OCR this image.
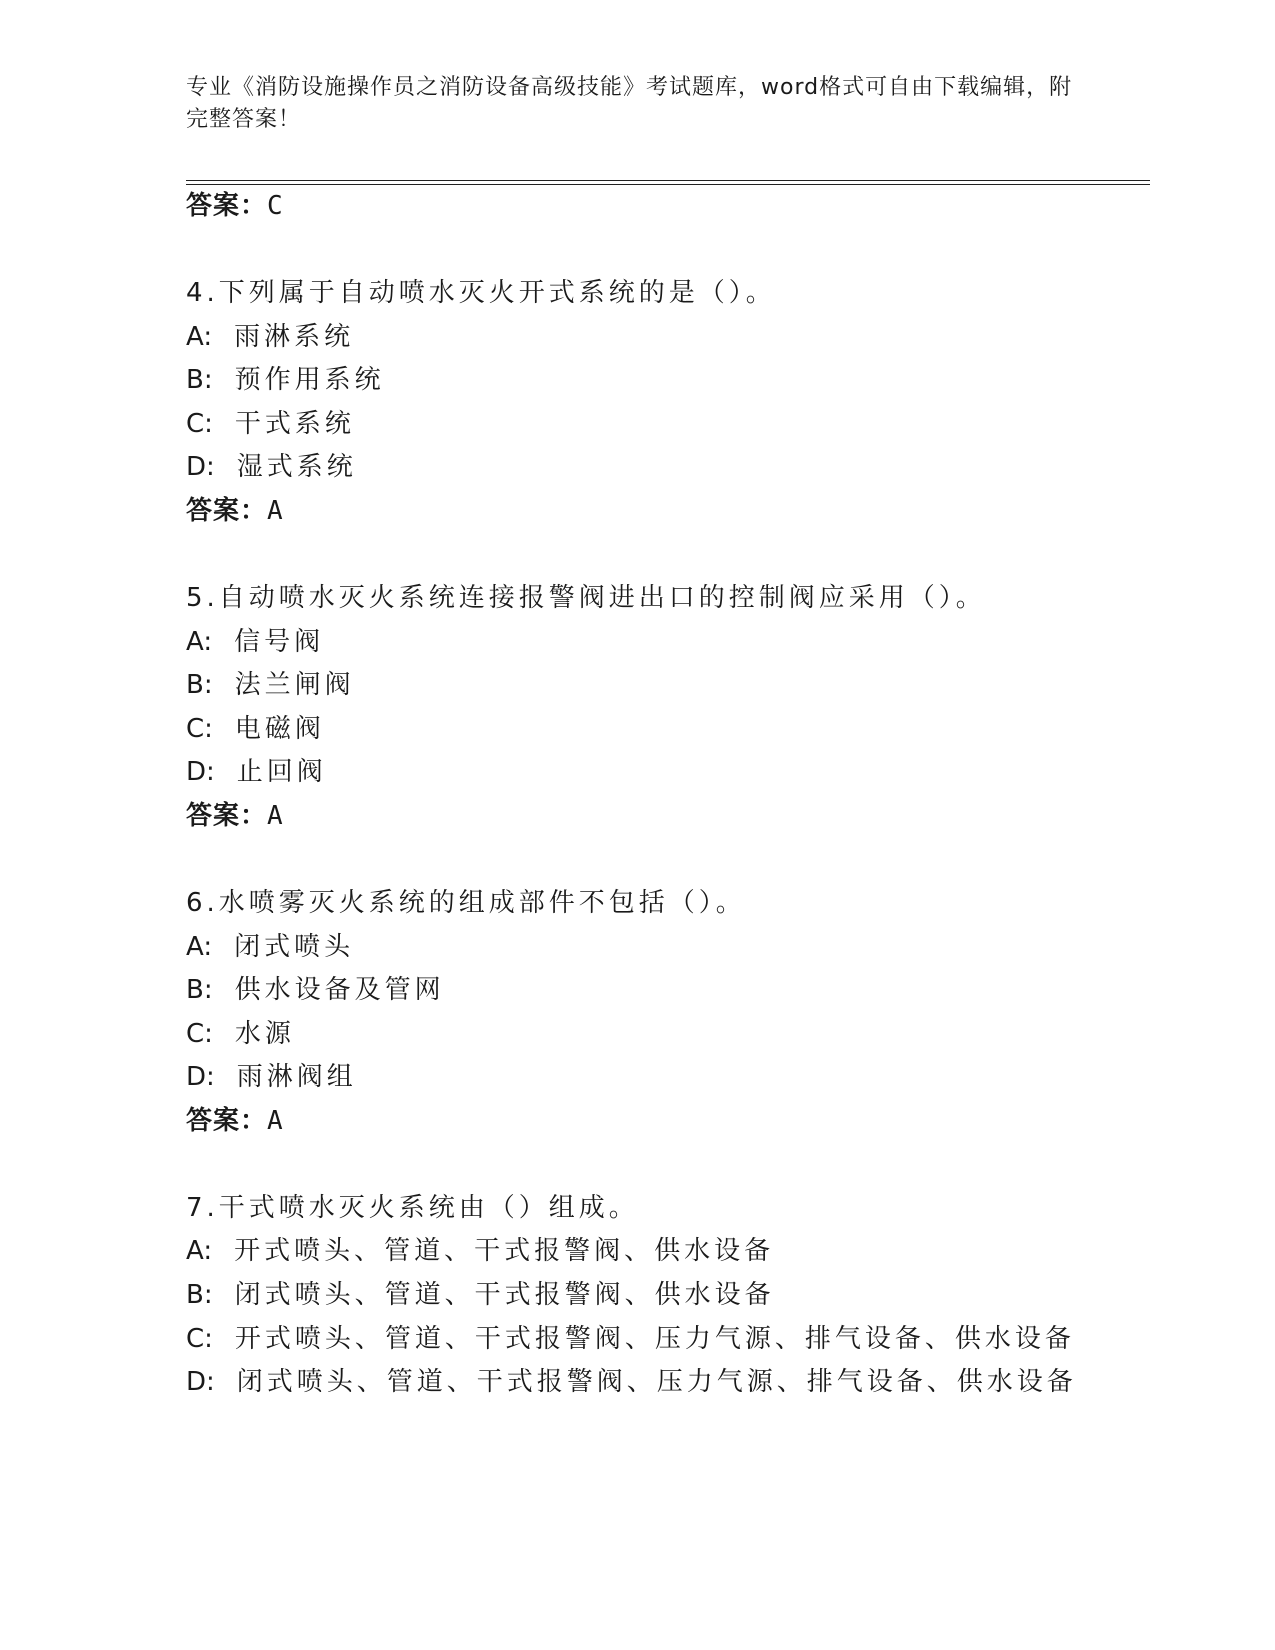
专业《消防设施操作员之消防设备高级技能》考试题库，word格式可自由下载编辑，附完整答案！
答案：C
4.下列属于自动喷水灭火开式系统的是（）。
A: 雨淋系统
B: 预作用系统
C: 干式系统
D: 湿式系统
答案：A
5.自动喷水灭火系统连接报警阀进出口的控制阀应采用（）。
A: 信号阀
B: 法兰闸阀
C: 电磁阀
D: 止回阀
答案：A
6.水喷雾灭火系统的组成部件不包括（）。
A: 闭式喷头
B: 供水设备及管网
C: 水源
D: 雨淋阀组
答案：A
7.干式喷水灭火系统由（）组成。
A: 开式喷头、管道、干式报警阀、供水设备
B: 闭式喷头、管道、干式报警阀、供水设备
C: 开式喷头、管道、干式报警阀、压力气源、排气设备、供水设备
D: 闭式喷头、管道、干式报警阀、压力气源、排气设备、供水设备
